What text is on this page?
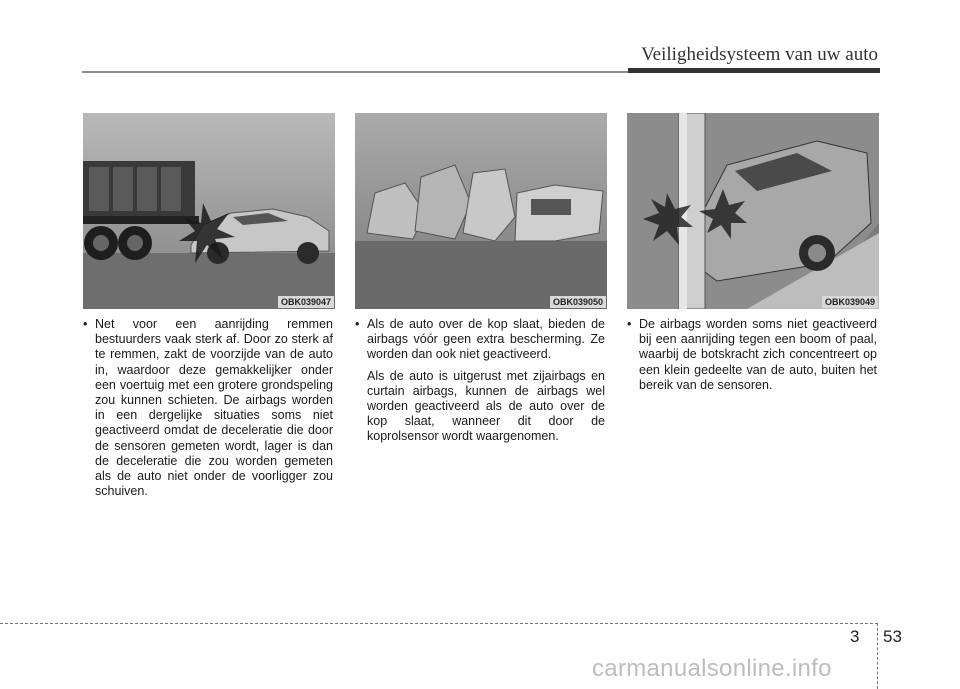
Veiligheidsysteem van uw auto
OBK039047	OBK039050	OBK039049

• Net voor een aanrijding remmen bestuurders vaak sterk af. Door zo sterk af te remmen, zakt de voorzijde van de auto in, waardoor deze gemakkelijker onder een voertuig met een grotere grondspeling zou kunnen schieten. De airbags worden in een dergelijke situaties soms niet geactiveerd omdat de deceleratie die door de sensoren gemeten wordt, lager is dan de deceleratie die zou worden gemeten als de auto niet onder de voorligger zou schuiven.

• Als de auto over de kop slaat, bieden de airbags vóór geen extra bescherming. Ze worden dan ook niet geactiveerd.

Als de auto is uitgerust met zijairbags en curtain airbags, kunnen de airbags wel worden geactiveerd als de auto over de kop slaat, wanneer dit door de koprolsensor wordt waargenomen.

• De airbags worden soms niet geactiveerd bij een aanrijding tegen een boom of paal, waarbij de botskracht zich concentreert op een klein gedeelte van de auto, buiten het bereik van de sensoren.

3 53
carmanualsonline.info
